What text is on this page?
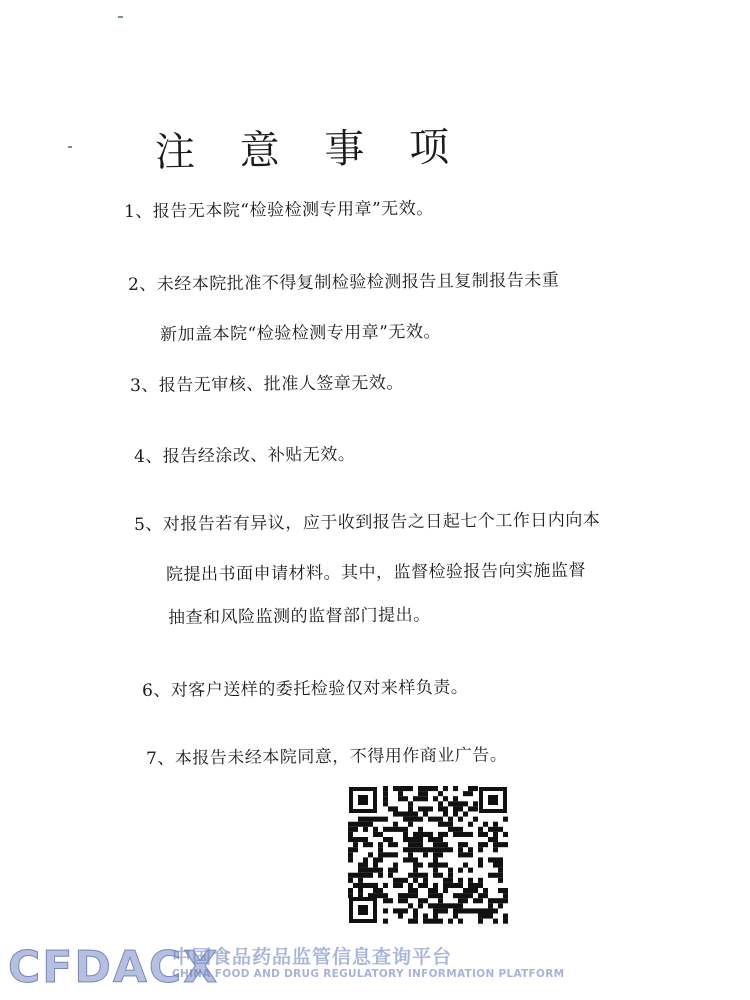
注 意 事 项
1、报告无本院“检验检测专用章”无效。
2、未经本院批准不得复制检验检测报告且复制报告未重
新加盖本院“检验检测专用章”无效。
3、报告无审核、批准人签章无效。
4、报告经涂改、补贴无效。
5、对报告若有异议，应于收到报告之日起七个工作日内向本
院提出书面申请材料。其中，监督检验报告向实施监督
抽查和风险监测的监督部门提出。
6、对客户送样的委托检验仅对来样负责。
7、本报告未经本院同意，不得用作商业广告。
CFDACX
中国食品药品监管信息查询平台
CHINA FOOD AND DRUG REGULATORY INFORMATION PLATFORM
